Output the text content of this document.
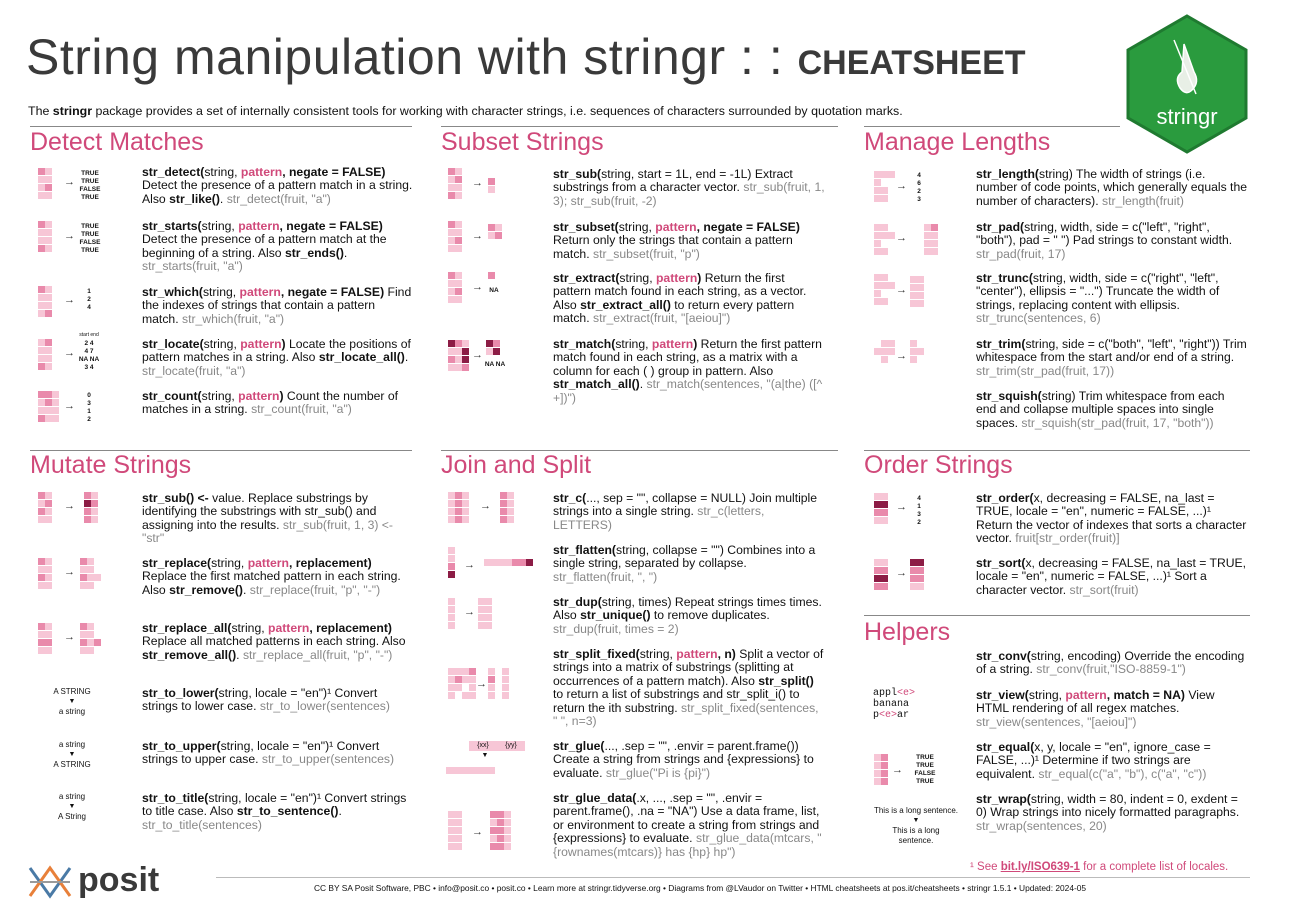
String manipulation with stringr : : CHEATSHEET
The stringr package provides a set of internally consistent tools for working with character strings, i.e. sequences of characters surrounded by quotation marks.	stringr
Detect Matches	Subset Strings	Manage Lengths
Mutate Strings	Join and Split	Order Strings
Helpers
str_detect(string, pattern, negate = FALSE) Detect the presence of a pattern match in a string. Also str_like(). str_detect(fruit, "a")
str_starts(string, pattern, negate = FALSE) Detect the presence of a pattern match at the beginning of a string. Also str_ends(). str_starts(fruit, "a")
str_which(string, pattern, negate = FALSE) Find the indexes of strings that contain a pattern match. str_which(fruit, "a")
str_locate(string, pattern) Locate the positions of pattern matches in a string. Also str_locate_all(). str_locate(fruit, "a")
str_count(string, pattern) Count the number of matches in a string. str_count(fruit, "a")
str_sub(string, start = 1L, end = -1L) Extract substrings from a character vector. str_sub(fruit, 1, 3); str_sub(fruit, -2)
str_subset(string, pattern, negate = FALSE) Return only the strings that contain a pattern match. str_subset(fruit, "p")
str_extract(string, pattern) Return the first pattern match found in each string, as a vector. Also str_extract_all() to return every pattern match. str_extract(fruit, "[aeiou]")
str_match(string, pattern) Return the first pattern match found in each string, as a matrix with a column for each ( ) group in pattern. Also str_match_all(). str_match(sentences, "(a|the) ([^ +])")
str_length(string) The width of strings (i.e. number of code points, which generally equals the number of characters). str_length(fruit)
str_pad(string, width, side = c("left", "right", "both"), pad = " ") Pad strings to constant width. str_pad(fruit, 17)
str_trunc(string, width, side = c("right", "left", "center"), ellipsis = "...") Truncate the width of strings, replacing content with ellipsis. str_trunc(sentences, 6)
str_trim(string, side = c("both", "left", "right")) Trim whitespace from the start and/or end of a string. str_trim(str_pad(fruit, 17))
str_squish(string) Trim whitespace from each end and collapse multiple spaces into single spaces. str_squish(str_pad(fruit, 17, "both"))
str_sub() <- value. Replace substrings by identifying the substrings with str_sub() and assigning into the results. str_sub(fruit, 1, 3) <- "str"
str_replace(string, pattern, replacement) Replace the first matched pattern in each string. Also str_remove(). str_replace(fruit, "p", "-")
str_replace_all(string, pattern, replacement) Replace all matched patterns in each string. Also str_remove_all(). str_replace_all(fruit, "p", "-")
str_to_lower(string, locale = "en")¹ Convert strings to lower case. str_to_lower(sentences)
str_to_upper(string, locale = "en")¹ Convert strings to upper case. str_to_upper(sentences)
str_to_title(string, locale = "en")¹ Convert strings to title case. Also str_to_sentence(). str_to_title(sentences)
str_c(..., sep = "", collapse = NULL) Join multiple strings into a single string. str_c(letters, LETTERS)
str_flatten(string, collapse = "") Combines into a single string, separated by collapse. str_flatten(fruit, ", ")
str_dup(string, times) Repeat strings times times. Also str_unique() to remove duplicates. str_dup(fruit, times = 2)
str_split_fixed(string, pattern, n) Split a vector of strings into a matrix of substrings (splitting at occurrences of a pattern match). Also str_split() to return a list of substrings and str_split_i() to return the ith substring. str_split_fixed(sentences, " ", n=3)
str_glue(..., .sep = "", .envir = parent.frame()) Create a string from strings and {expressions} to evaluate. str_glue("Pi is {pi}")
str_glue_data(.x, ..., .sep = "", .envir = parent.frame(), .na = "NA") Use a data frame, list, or environment to create a string from strings and {expressions} to evaluate. str_glue_data(mtcars, "{rownames(mtcars)} has {hp} hp")
str_order(x, decreasing = FALSE, na_last = TRUE, locale = "en", numeric = FALSE, ...)¹ Return the vector of indexes that sorts a character vector. fruit[str_order(fruit)]
str_sort(x, decreasing = FALSE, na_last = TRUE, locale = "en", numeric = FALSE, ...)¹ Sort a character vector. str_sort(fruit)
str_conv(string, encoding) Override the encoding of a string. str_conv(fruit,"ISO-8859-1")
str_view(string, pattern, match = NA) View HTML rendering of all regex matches. str_view(sentences, "[aeiou]")
str_equal(x, y, locale = "en", ignore_case = FALSE, ...)¹ Determine if two strings are equivalent. str_equal(c("a", "b"), c("a", "c"))
str_wrap(string, width = 80, indent = 0, exdent = 0) Wrap strings into nicely formatted paragraphs. str_wrap(sentences, 20)
→
→
→
→
→
→
→
→
→
→
→
→
→
→
→
→
→
→
→
→
→
→
→
→
TRUE
TRUE
FALSE
TRUE
TRUE
TRUE
FALSE
TRUE
1
2
4
start end
2 4
4 7
NA NA
3 4
0
3
1
2
NA
NA NA
4
6
2
3
4
1
3
2
TRUE
TRUE
FALSE
TRUE
A STRING
▼
a string
a string
▼
A STRING
a string
▼
A String
{xx}	{yy}
▼
appl<e>
banana
p<e>ar
This is a long sentence.
▼
This is a long sentence.
¹ See bit.ly/ISO639-1 for a complete list of locales.
posit	CC BY SA Posit Software, PBC • info@posit.co • posit.co • Learn more at stringr.tidyverse.org • Diagrams from @LVaudor on Twitter • HTML cheatsheets at pos.it/cheatsheets • stringr 1.5.1 • Updated: 2024-05
